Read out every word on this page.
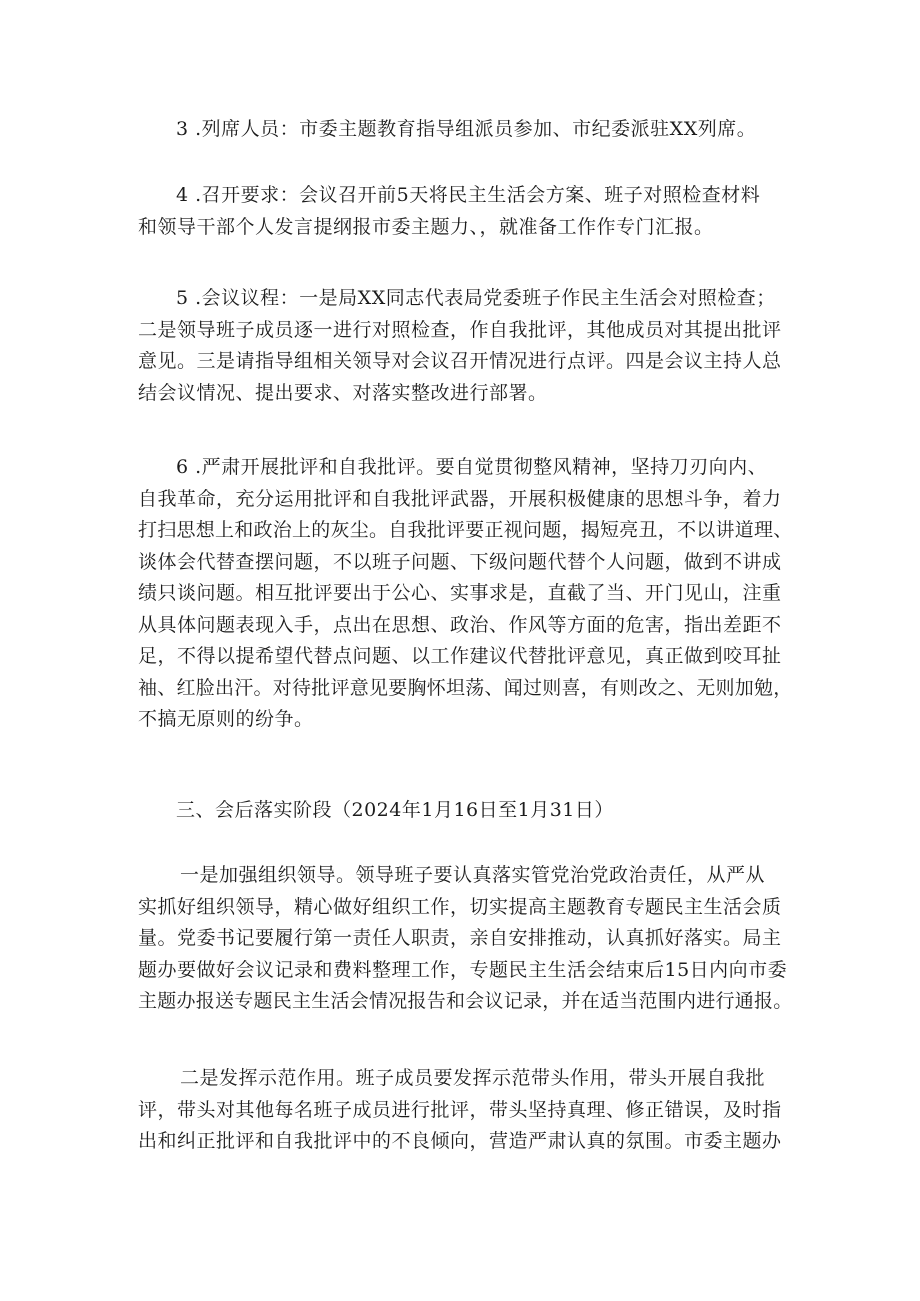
3 .列席人员：市委主题教育指导组派员参加、市纪委派驻XX列席。

4 .召开要求：会议召开前5天将民主生活会方案、班子对照检查材料
和领导干部个人发言提纲报市委主题力、，就准备工作作专门汇报。

5 .会议议程：一是局XX同志代表局党委班子作民主生活会对照检查；
二是领导班子成员逐一进行对照检查，作自我批评，其他成员对其提出批评
意见。三是请指导组相关领导对会议召开情况进行点评。四是会议主持人总
结会议情况、提出要求、对落实整改进行部署。

6 .严肃开展批评和自我批评。要自觉贯彻整风精神，坚持刀刃向内、
自我革命，充分运用批评和自我批评武器，开展积极健康的思想斗争，着力
打扫思想上和政治上的灰尘。自我批评要正视问题，揭短亮丑，不以讲道理、
谈体会代替查摆问题，不以班子问题、下级问题代替个人问题，做到不讲成
绩只谈问题。相互批评要出于公心、实事求是，直截了当、开门见山，注重
从具体问题表现入手，点出在思想、政治、作风等方面的危害，指出差距不
足，不得以提希望代替点问题、以工作建议代替批评意见，真正做到咬耳扯
袖、红脸出汗。对待批评意见要胸怀坦荡、闻过则喜，有则改之、无则加勉，
不搞无原则的纷争。

三、会后落实阶段（2024年1月16日至1月31日）

一是加强组织领导。领导班子要认真落实管党治党政治责任，从严从
实抓好组织领导，精心做好组织工作，切实提高主题教育专题民主生活会质
量。党委书记要履行第一责任人职责，亲自安排推动，认真抓好落实。局主
题办要做好会议记录和费料整理工作，专题民主生活会结束后15日内向市委
主题办报送专题民主生活会情况报告和会议记录，并在适当范围内进行通报。

二是发挥示范作用。班子成员要发挥示范带头作用，带头开展自我批
评，带头对其他每名班子成员进行批评，带头坚持真理、修正错误，及时指
出和纠正批评和自我批评中的不良倾向，营造严肃认真的氛围。市委主题办
